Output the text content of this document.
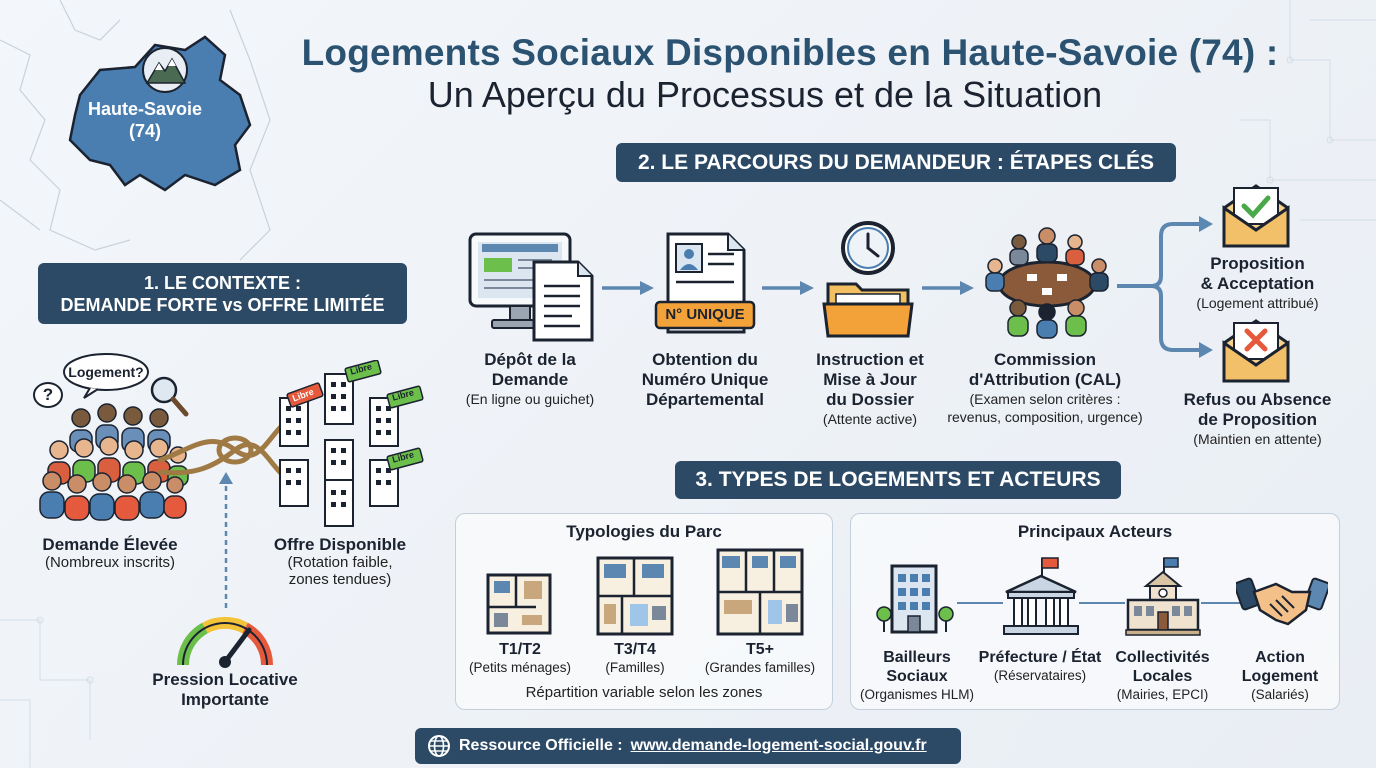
Haute-Savoie
(74)
Logements Sociaux Disponibles en Haute-Savoie (74) :
Un Aperçu du Processus et de la Situation
1. LE CONTEXTE :
DEMANDE FORTE vs OFFRE LIMITÉE
Logement?
?
Libre
Libre
Libre
Libre
Demande Élevée
(Nombreux inscrits)
Offre Disponible
(Rotation faible,
zones tendues)
Pression Locative
Importante
2. LE PARCOURS DU DEMANDEUR : ÉTAPES CLÉS
N° UNIQUE
Dépôt de la
Demande
(En ligne ou guichet)
Obtention du
Numéro Unique
Départemental
Instruction et
Mise à Jour
du Dossier
(Attente active)
Commission
d'Attribution (CAL)
(Examen selon critères :
revenus, composition, urgence)
Proposition
& Acceptation
(Logement attribué)
Refus ou Absence
de Proposition
(Maintien en attente)
3. TYPES DE LOGEMENTS ET ACTEURS
Typologies du Parc
T1/T2
(Petits ménages)
T3/T4
(Familles)
T5+
(Grandes familles)
Répartition variable selon les zones
Principaux Acteurs
Bailleurs
Sociaux
(Organismes HLM)
Préfecture / État
(Réservataires)
Collectivités
Locales
(Mairies, EPCI)
Action
Logement
(Salariés)
Ressource Officielle : www.demande-logement-social.gouv.fr
